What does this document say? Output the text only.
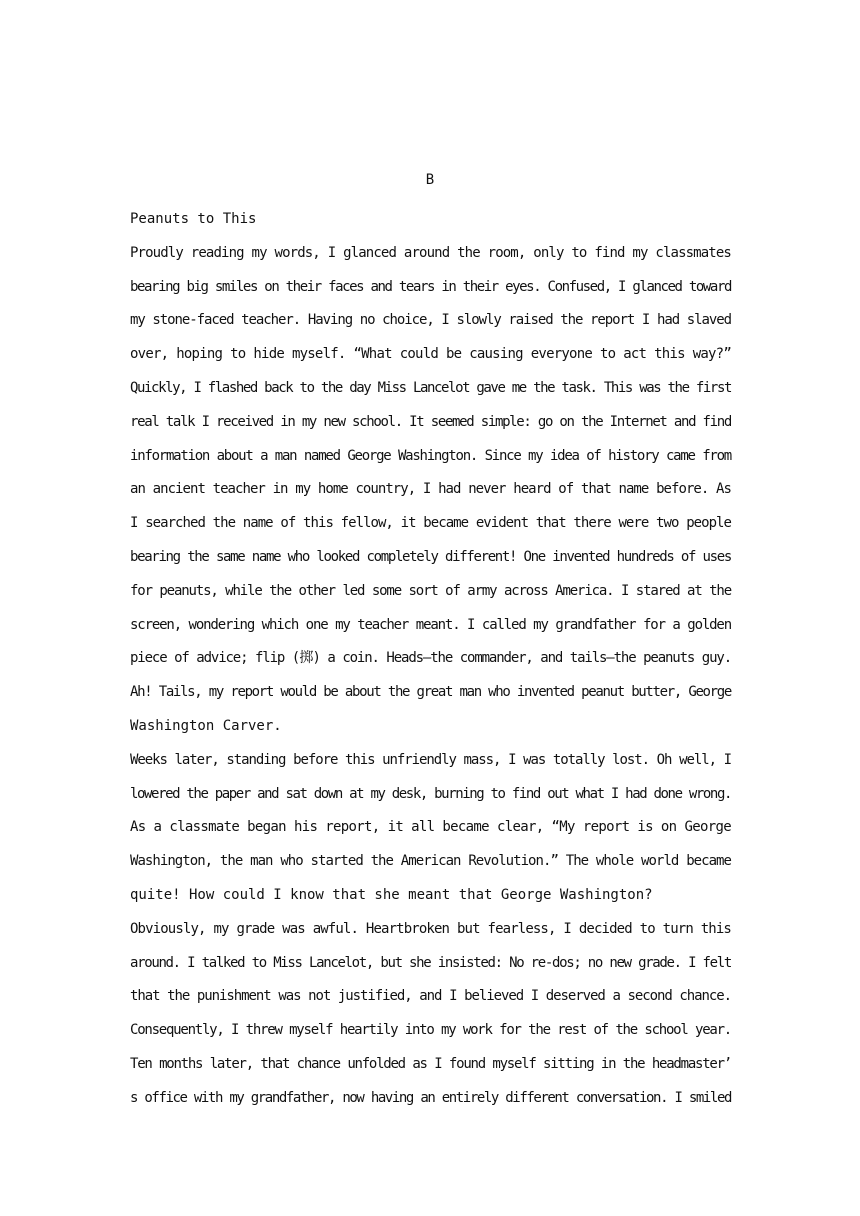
B
Peanuts to This
Proudly reading my words, I glanced around the room, only to find my classmates
bearing big smiles on their faces and tears in their eyes. Confused, I glanced toward
my stone-faced teacher. Having no choice, I slowly raised the report I had slaved
over, hoping to hide myself. “What could be causing everyone to act this way?”
Quickly, I flashed back to the day Miss Lancelot gave me the task. This was the first
real talk I received in my new school. It seemed simple: go on the Internet and find
information about a man named George Washington. Since my idea of history came from
an ancient teacher in my home country, I had never heard of that name before. As
I searched the name of this fellow, it became evident that there were two people
bearing the same name who looked completely different! One invented hundreds of uses
for peanuts, while the other led some sort of army across America. I stared at the
screen, wondering which one my teacher meant. I called my grandfather for a golden
piece of advice; flip (掷) a coin. Heads—the commander, and tails—the peanuts guy.
Ah! Tails, my report would be about the great man who invented peanut butter, George
Washington Carver.
Weeks later, standing before this unfriendly mass, I was totally lost. Oh well, I
lowered the paper and sat down at my desk, burning to find out what I had done wrong.
As a classmate began his report, it all became clear, “My report is on George
Washington, the man who started the American Revolution.” The whole world became
quite! How could I know that she meant that George Washington?
Obviously, my grade was awful. Heartbroken but fearless, I decided to turn this
around. I talked to Miss Lancelot, but she insisted: No re-dos; no new grade. I felt
that the punishment was not justified, and I believed I deserved a second chance.
Consequently, I threw myself heartily into my work for the rest of the school year.
Ten months later, that chance unfolded as I found myself sitting in the headmaster’
s office with my grandfather, now having an entirely different conversation. I smiled
